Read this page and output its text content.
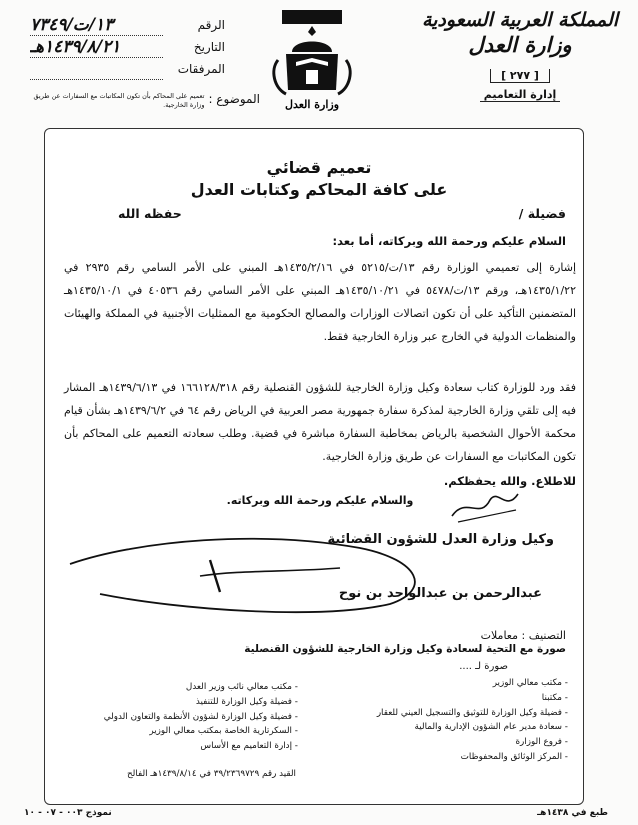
المملكة العربية السعودية
وزارة العدل
[ ٢٧٧ ]
إدارة التعاميم
وزارة العدل
الرقم
١٣/ت/٧٣٤٩
التاريخ
١٤٣٩/٨/٢١هـ
المرفقات
الموضوع :
تعميم على المحاكم بأن تكون المكاتبات مع السفارات عن طريق وزارة الخارجية.
تعميم قضائي
على كافة المحاكم وكتابات العدل
فضيلة /
حفظه الله
السلام عليكم ورحمة الله وبركاته، أما بعد:
إشارة إلى تعميمي الوزارة رقم ١٣/ت/٥٢١٥ في ١٤٣٥/٢/١٦هـ المبني على الأمر السامي رقم ٢٩٣٥ في ١٤٣٥/١/٢٢هـ، ورقم ١٣/ت/٥٤٧٨ في ١٤٣٥/١٠/٢١هـ المبني على الأمر السامي رقم ٤٠٥٣٦ في ١٤٣٥/١٠/١هـ المتضمنين التأكيد على أن تكون اتصالات الوزارات والمصالح الحكومية مع الممثليات الأجنبية في المملكة والهيئات والمنظمات الدولية في الخارج عبر وزارة الخارجية فقط.
فقد ورد للوزارة كتاب سعادة وكيل وزارة الخارجية للشؤون القنصلية رقم ١٦٦١٢٨/٣١٨ في ١٤٣٩/٦/١٣هـ المشار فيه إلى تلقي وزارة الخارجية لمذكرة سفارة جمهورية مصر العربية في الرياض رقم ٦٤ في ١٤٣٩/٦/٢هـ بشأن قيام محكمة الأحوال الشخصية بالرياض بمخاطبة السفارة مباشرة في قضية. وطلب سعادته التعميم على المحاكم بأن تكون المكاتبات مع السفارات عن طريق وزارة الخارجية.
للاطلاع. والله يحفظكم.
والسلام عليكم ورحمة الله وبركاته.
وكيل وزارة العدل للشؤون القضائية
عبدالرحمن بن عبدالواحد بن نوح
التصنيف : معاملات
صورة مع التحية لسعادة وكيل وزارة الخارجية للشؤون القنصلية
صورة لـ ....
- مكتب معالي الوزير
- مكتبنا
- فضيلة وكيل الوزارة للتوثيق والتسجيل العيني للعقار
- سعادة مدير عام الشؤون الإدارية والمالية
- فروع الوزارة
- المركز الوثائق والمحفوظات
- مكتب معالي نائب وزير العدل
- فضيلة وكيل الوزارة للتنفيذ
- فضيلة وكيل الوزارة لشؤون الأنظمة والتعاون الدولي
- السكرتارية الخاصة بمكتب معالي الوزير
- إدارة التعاميم مع الأساس
القيد رقم ٣٩/٢٣٦٩٧٢٩ في ١٤٣٩/٨/١٤هـ الفالح
طبع في ١٤٣٨هـ
نموذج ٠٠٣ - ٠٧ - ١٠
